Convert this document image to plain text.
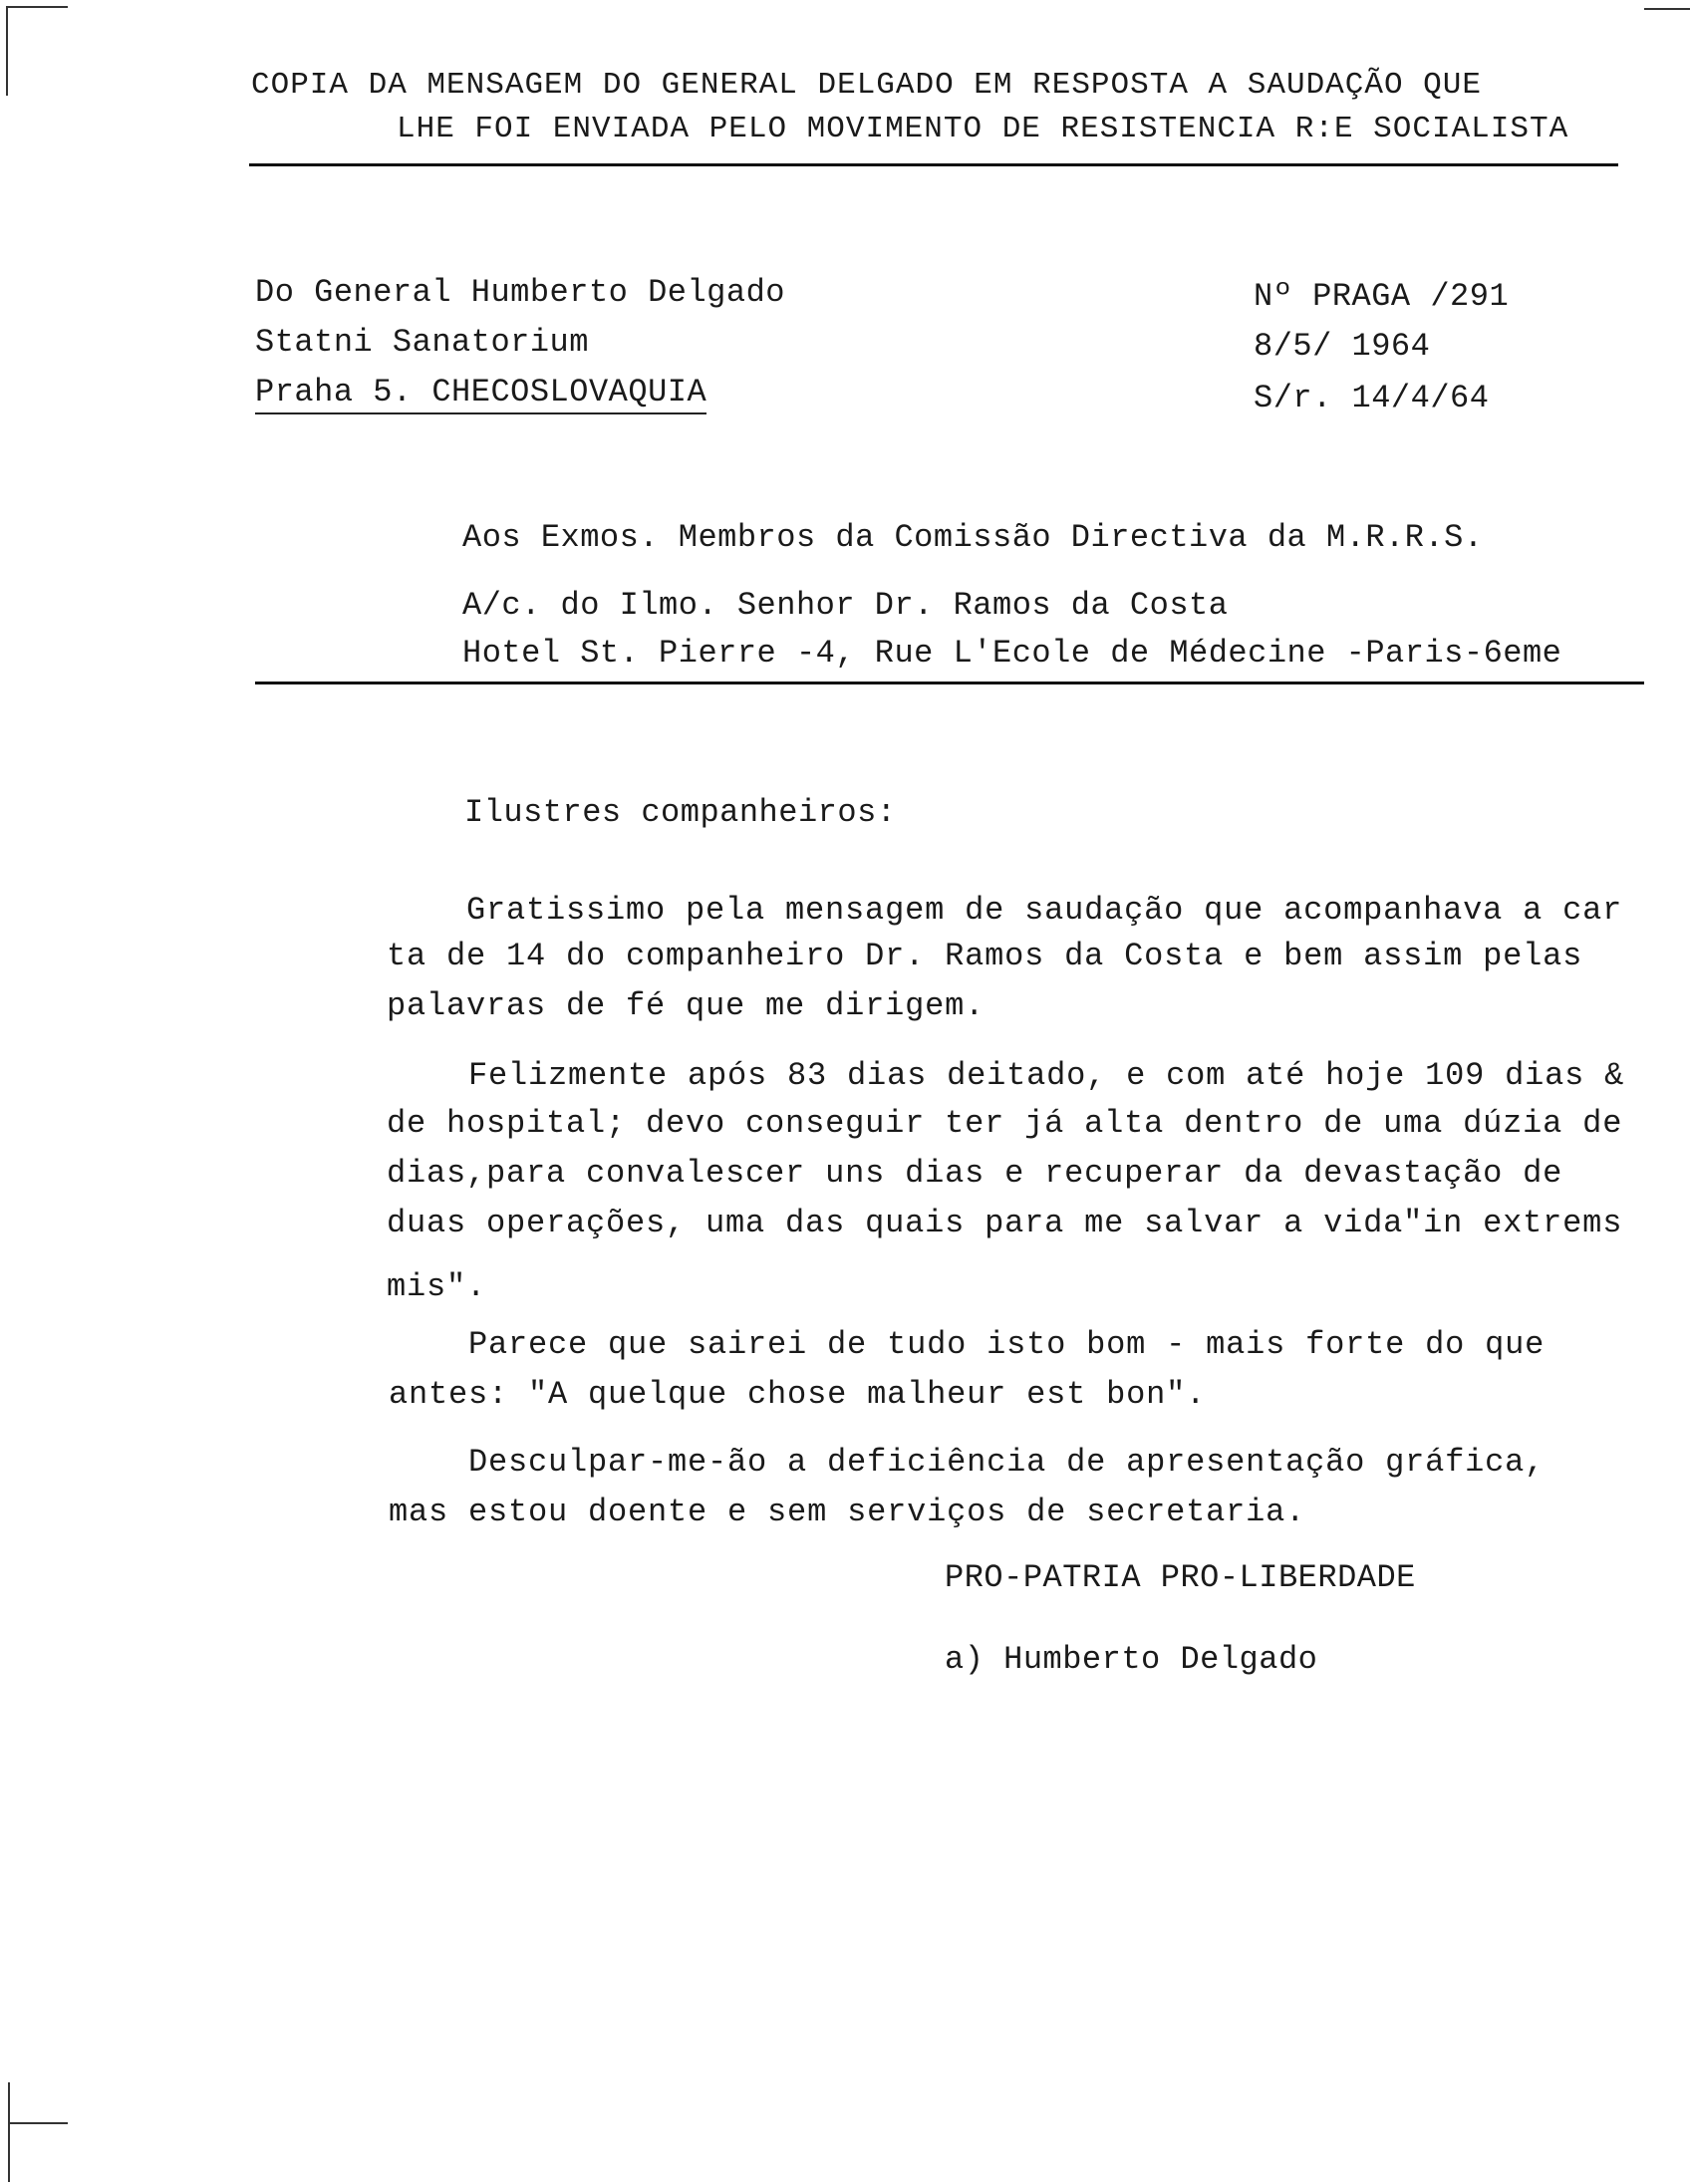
COPIA DA MENSAGEM DO GENERAL DELGADO EM RESPOSTA A SAUDAÇÃO QUE
LHE FOI ENVIADA PELO MOVIMENTO DE RESISTENCIA R:E SOCIALISTA
Do General Humberto Delgado
Statni Sanatorium
Praha 5. CHECOSLOVAQUIA
Nº PRAGA /291
8/5/ 1964
S/r. 14/4/64
Aos Exmos. Membros da Comissão Directiva da M.R.R.S.
A/c. do Ilmo. Senhor Dr. Ramos da Costa
Hotel St. Pierre -4, Rue L'Ecole de Médecine -Paris-6eme
Ilustres companheiros:
Gratissimo pela mensagem de saudação que acompanhava a car
ta de 14 do companheiro Dr. Ramos da Costa e bem assim pelas
palavras de fé que me dirigem.
Felizmente após 83 dias deitado, e com até hoje 109 dias &
de hospital; devo conseguir ter já alta dentro de uma dúzia de
dias,para convalescer uns dias e recuperar da devastação de
duas operações, uma das quais para me salvar a vida"in extrems
mis".
Parece que sairei de tudo isto bom - mais forte do que
antes: "A quelque chose malheur est bon".
Desculpar-me-ão a deficiência de apresentação gráfica,
mas estou doente e sem serviços de secretaria.
PRO-PATRIA PRO-LIBERDADE
a) Humberto Delgado
